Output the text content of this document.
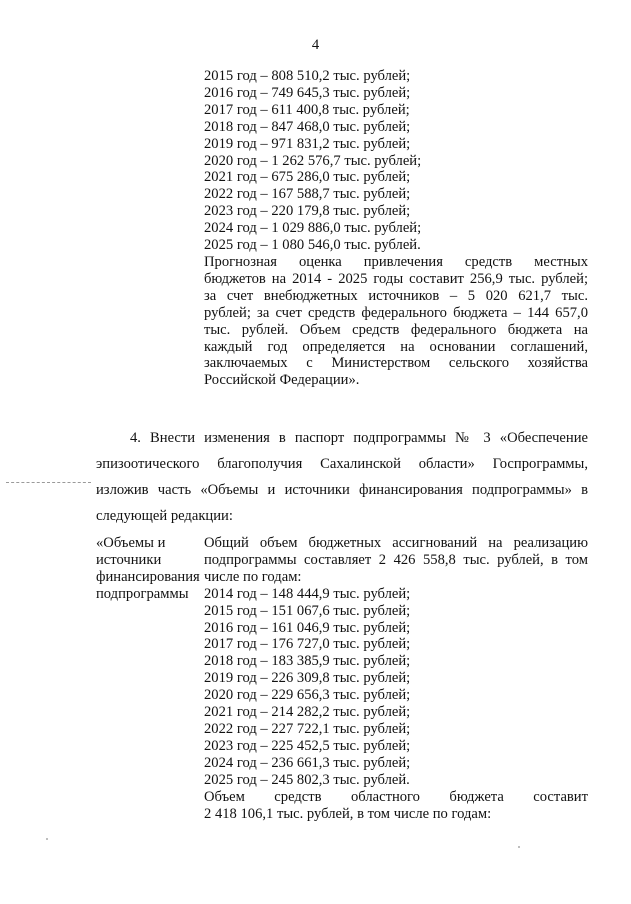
4
2015 год – 808 510,2 тыс. рублей;
2016 год – 749 645,3 тыс. рублей;
2017 год – 611 400,8 тыс. рублей;
2018 год – 847 468,0 тыс. рублей;
2019 год – 971 831,2 тыс. рублей;
2020 год – 1 262 576,7 тыс. рублей;
2021 год – 675 286,0 тыс. рублей;
2022 год – 167 588,7 тыс. рублей;
2023 год – 220 179,8 тыс. рублей;
2024 год – 1 029 886,0 тыс. рублей;
2025 год – 1 080 546,0 тыс. рублей.
Прогнозная оценка привлечения средств местных
бюджетов на 2014 - 2025 годы составит 256,9 тыс. рублей;
за счет внебюджетных источников – 5 020 621,7 тыс.
рублей; за счет средств федерального бюджета – 144 657,0
тыс. рублей. Объем средств федерального бюджета на
каждый год определяется на основании соглашений,
заключаемых с Министерством сельского хозяйства
Российской Федерации».
4. Внести изменения в паспорт подпрограммы № 3 «Обеспечение
эпизоотического благополучия Сахалинской области» Госпрограммы,
изложив часть «Объемы и источники финансирования подпрограммы» в
следующей редакции:
«Объемы и
источники
финансирования
подпрограммы
Общий объем бюджетных ассигнований на реализацию
подпрограммы составляет 2 426 558,8 тыс. рублей, в том
числе по годам:
2014 год – 148 444,9 тыс. рублей;
2015 год – 151 067,6 тыс. рублей;
2016 год – 161 046,9 тыс. рублей;
2017 год – 176 727,0 тыс. рублей;
2018 год – 183 385,9 тыс. рублей;
2019 год – 226 309,8 тыс. рублей;
2020 год – 229 656,3 тыс. рублей;
2021 год – 214 282,2 тыс. рублей;
2022 год – 227 722,1 тыс. рублей;
2023 год – 225 452,5 тыс. рублей;
2024 год – 236 661,3 тыс. рублей;
2025 год – 245 802,3 тыс. рублей.
Объем средств областного бюджета составит
2 418 106,1 тыс. рублей, в том числе по годам:
